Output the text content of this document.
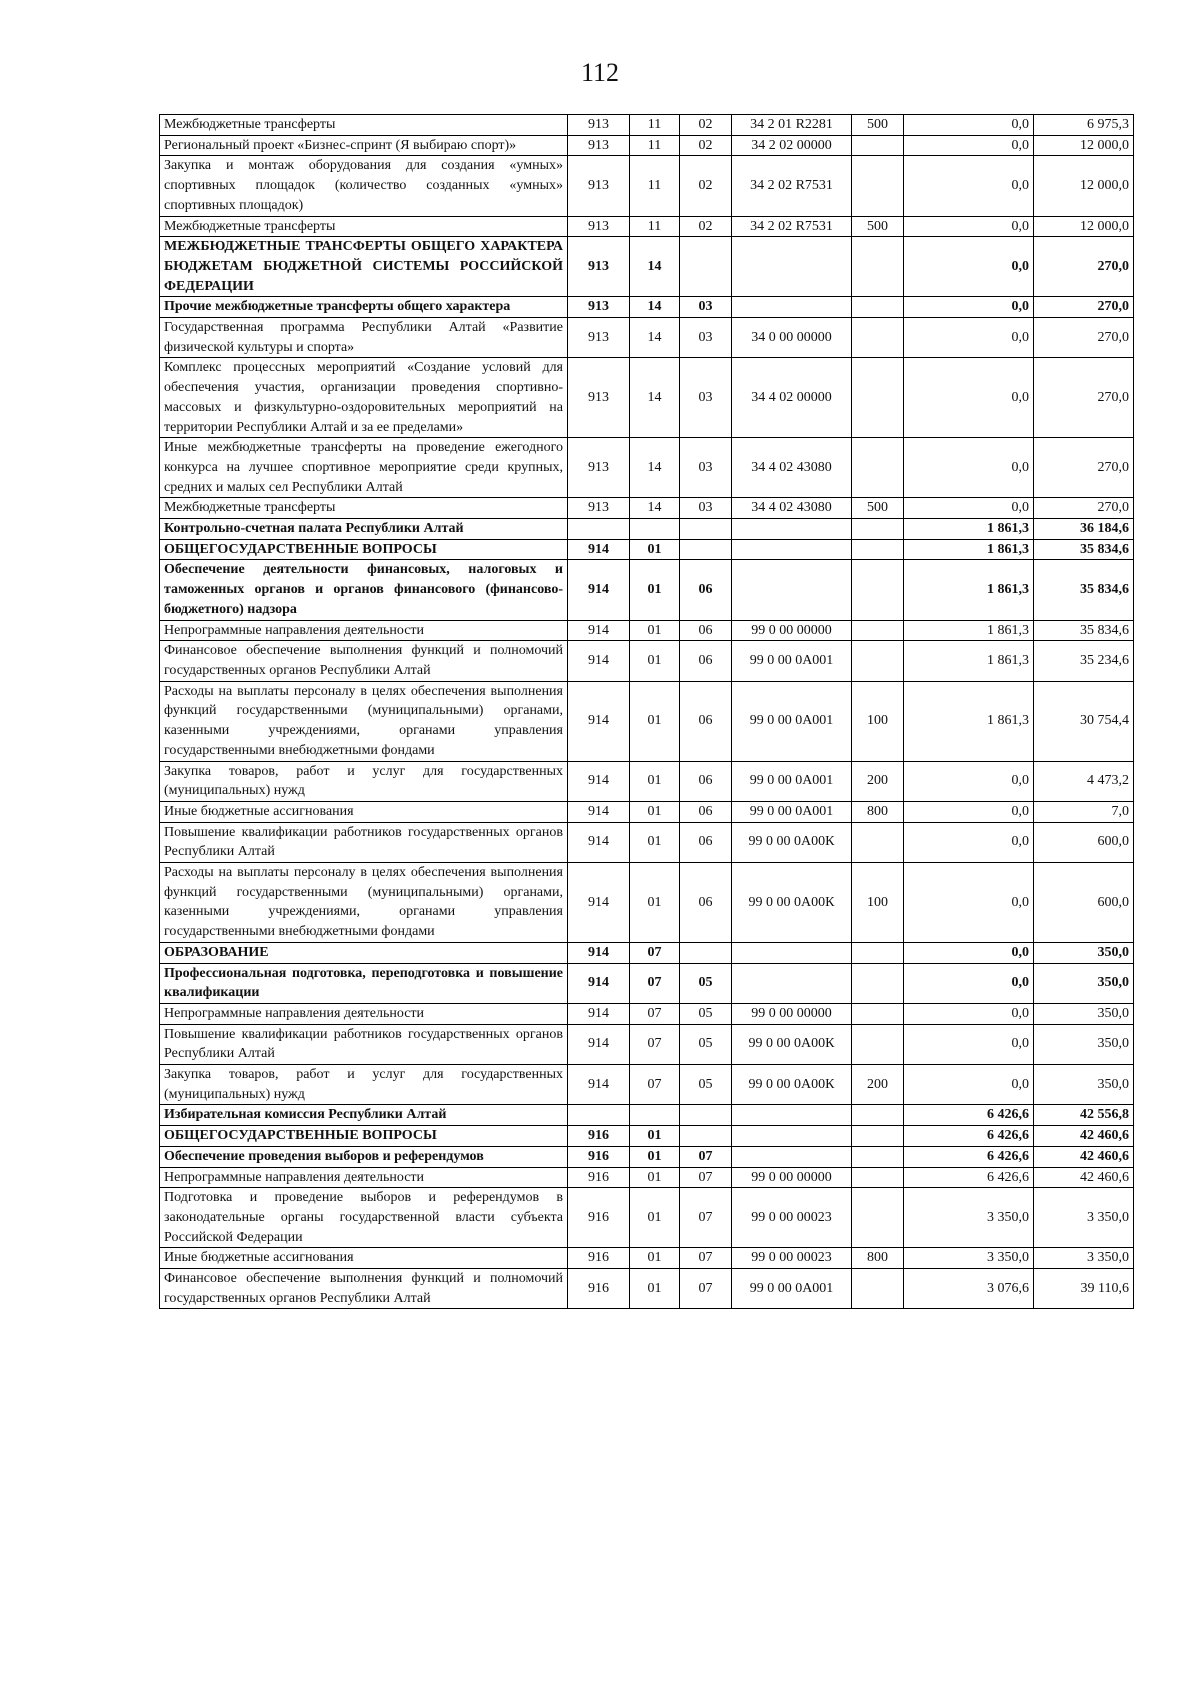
112
Межбюджетные трансферты	913	11	02	34 2 01 R2281	500	0,0	6 975,3
Региональный проект «Бизнес-спринт (Я выбираю спорт)»	913	11	02	34 2 02 00000		0,0	12 000,0
Закупка и монтаж оборудования для создания «умных» спортивных площадок (количество созданных «умных» спортивных площадок)	913	11	02	34 2 02 R7531		0,0	12 000,0
Межбюджетные трансферты	913	11	02	34 2 02 R7531	500	0,0	12 000,0
МЕЖБЮДЖЕТНЫЕ ТРАНСФЕРТЫ ОБЩЕГО ХАРАКТЕРА БЮДЖЕТАМ БЮДЖЕТНОЙ СИСТЕМЫ РОССИЙСКОЙ ФЕДЕРАЦИИ	913	14				0,0	270,0
Прочие межбюджетные трансферты общего характера	913	14	03			0,0	270,0
Государственная программа Республики Алтай «Развитие физической культуры и спорта»	913	14	03	34 0 00 00000		0,0	270,0
Комплекс процессных мероприятий «Создание условий для обеспечения участия, организации проведения спортивно-массовых и физкультурно-оздоровительных мероприятий на территории Республики Алтай и за ее пределами»	913	14	03	34 4 02 00000		0,0	270,0
Иные межбюджетные трансферты на проведение ежегодного конкурса на лучшее спортивное мероприятие среди крупных, средних и малых сел Республики Алтай	913	14	03	34 4 02 43080		0,0	270,0
Межбюджетные трансферты	913	14	03	34 4 02 43080	500	0,0	270,0
Контрольно-счетная палата Республики Алтай						1 861,3	36 184,6
ОБЩЕГОСУДАРСТВЕННЫЕ ВОПРОСЫ	914	01				1 861,3	35 834,6
Обеспечение деятельности финансовых, налоговых и таможенных органов и органов финансового (финансово-бюджетного) надзора	914	01	06			1 861,3	35 834,6
Непрограммные направления деятельности	914	01	06	99 0 00 00000		1 861,3	35 834,6
Финансовое обеспечение выполнения функций и полномочий государственных органов Республики Алтай	914	01	06	99 0 00 0А001		1 861,3	35 234,6
Расходы на выплаты персоналу в целях обеспечения выполнения функций государственными (муниципальными) органами, казенными учреждениями, органами управления государственными внебюджетными фондами	914	01	06	99 0 00 0А001	100	1 861,3	30 754,4
Закупка товаров, работ и услуг для государственных (муниципальных) нужд	914	01	06	99 0 00 0А001	200	0,0	4 473,2
Иные бюджетные ассигнования	914	01	06	99 0 00 0А001	800	0,0	7,0
Повышение квалификации работников государственных органов Республики Алтай	914	01	06	99 0 00 0А00К		0,0	600,0
Расходы на выплаты персоналу в целях обеспечения выполнения функций государственными (муниципальными) органами, казенными учреждениями, органами управления государственными внебюджетными фондами	914	01	06	99 0 00 0А00К	100	0,0	600,0
ОБРАЗОВАНИЕ	914	07				0,0	350,0
Профессиональная подготовка, переподготовка и повышение квалификации	914	07	05			0,0	350,0
Непрограммные направления деятельности	914	07	05	99 0 00 00000		0,0	350,0
Повышение квалификации работников государственных органов Республики Алтай	914	07	05	99 0 00 0А00К		0,0	350,0
Закупка товаров, работ и услуг для государственных (муниципальных) нужд	914	07	05	99 0 00 0А00К	200	0,0	350,0
Избирательная комиссия Республики Алтай						6 426,6	42 556,8
ОБЩЕГОСУДАРСТВЕННЫЕ ВОПРОСЫ	916	01				6 426,6	42 460,6
Обеспечение проведения выборов и референдумов	916	01	07			6 426,6	42 460,6
Непрограммные направления деятельности	916	01	07	99 0 00 00000		6 426,6	42 460,6
Подготовка и проведение выборов и референдумов в законодательные органы государственной власти субъекта Российской Федерации	916	01	07	99 0 00 00023		3 350,0	3 350,0
Иные бюджетные ассигнования	916	01	07	99 0 00 00023	800	3 350,0	3 350,0
Финансовое обеспечение выполнения функций и полномочий государственных органов Республики Алтай	916	01	07	99 0 00 0А001		3 076,6	39 110,6
